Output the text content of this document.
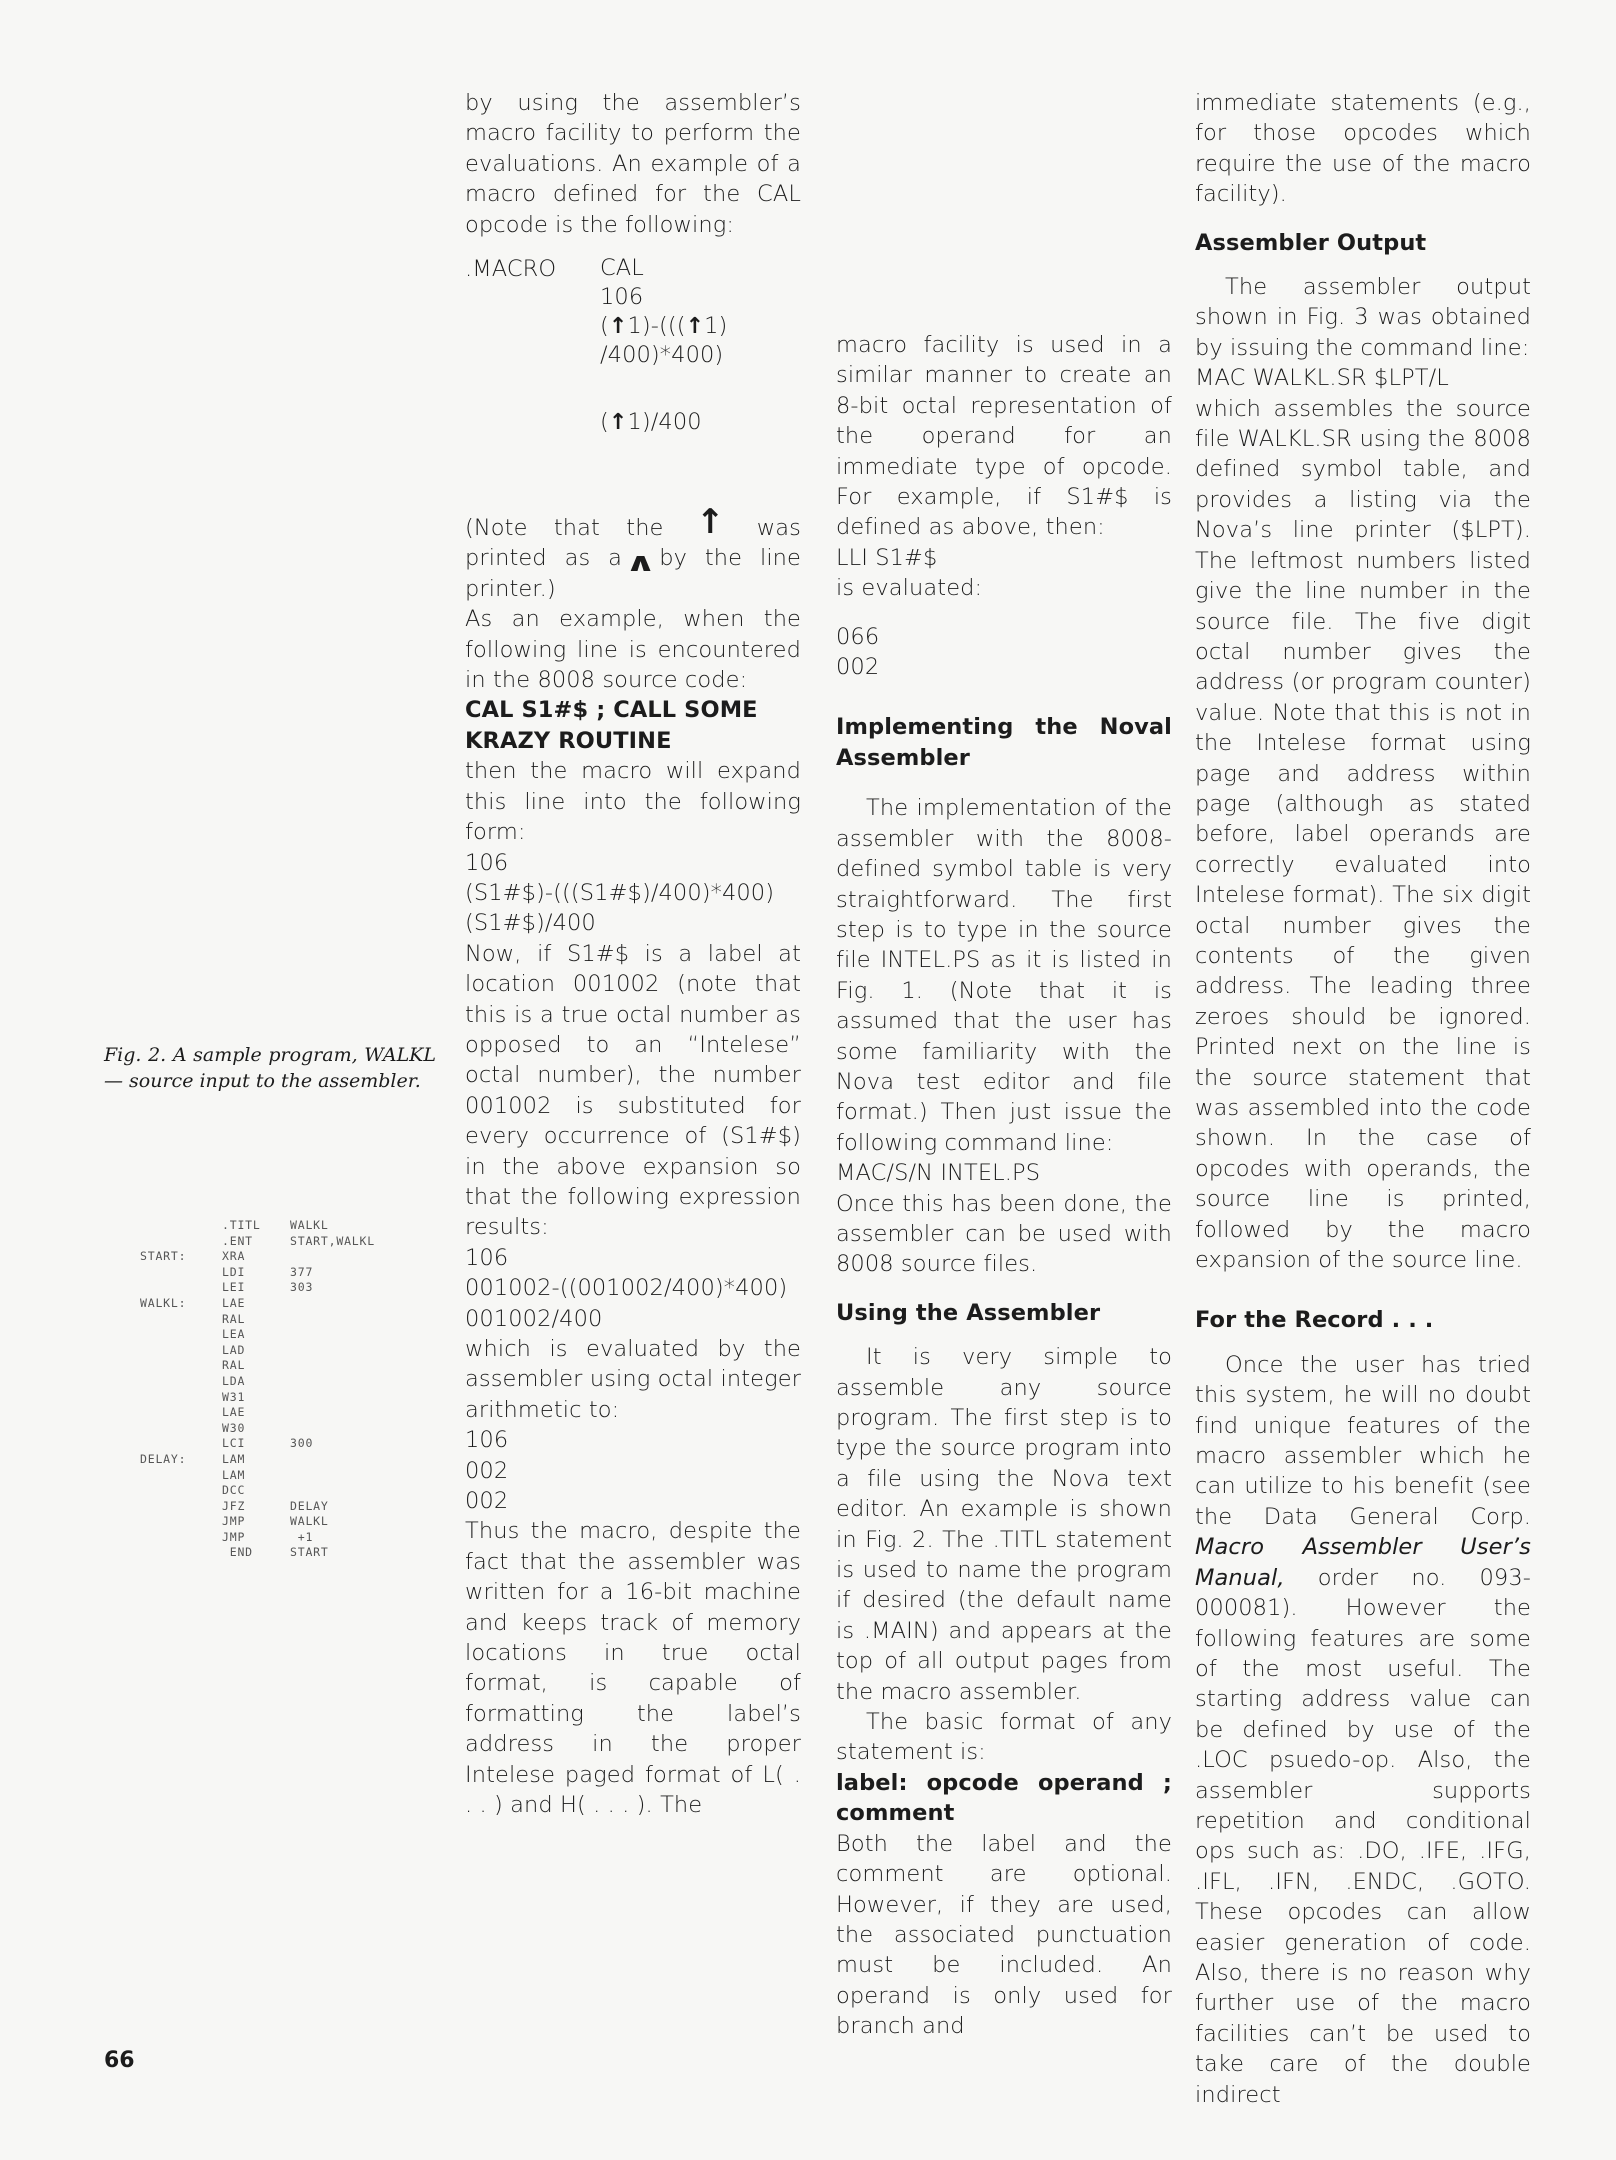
Fig. 2. A sample program, WALKL — source input to the assembler.
.TITL	WALKL
.ENT	START,WALKL
START:	XRA
LDI	377
LEI	303
WALKL:	LAE
RAL
LEA
LAD
RAL
LDA
W31
LAE
W30
LCI	300
DELAY:	LAM
LAM
DCC
JFZ	DELAY
JMP	WALKL
JMP	+1
END	START

by using the assembler’s macro facility to perform the evaluations. An example of a macro defined for the CAL opcode is the following:

.MACRO CAL
106
(↑1)-(((↑1)
/400)*400)
(↑1)/400

(Note that the ↑ was printed as a ∧ by the line printer.)

As an example, when the following line is encountered in the 8008 source code:

CAL S1#$ ; CALL SOME KRAZY ROUTINE

then the macro will expand this line into the following form:

106

(S1#$)-(((S1#$)/400)*400)

(S1#$)/400

Now, if S1#$ is a label at location 001002 (note that this is a true octal number as opposed to an “Intelese” octal number), the number 001002 is substituted for every occurrence of (S1#$) in the above expansion so that the following expression results:

106

001002-((001002/400)*400)

001002/400

which is evaluated by the assembler using octal integer arithmetic to:

106

002

002

Thus the macro, despite the fact that the assembler was written for a 16-bit machine and keeps track of memory locations in true octal format, is capable of formatting the label’s address in the proper Intelese paged format of L( . . . ) and H( . . . ). The

macro facility is used in a similar manner to create an 8-bit octal representation of the operand for an immediate type of opcode. For example, if S1#$ is defined as above, then:

LLI S1#$

is evaluated:

066

002

Implementing the Noval Assembler

The implementation of the assembler with the 8008-defined symbol table is very straightforward. The first step is to type in the source file INTEL.PS as it is listed in Fig. 1. (Note that it is assumed that the user has some familiarity with the Nova test editor and file format.) Then just issue the following command line:

MAC/S/N INTEL.PS

Once this has been done, the assembler can be used with 8008 source files.

Using the Assembler

It is very simple to assemble any source program. The first step is to type the source program into a file using the Nova text editor. An example is shown in Fig. 2. The .TITL statement is used to name the program if desired (the default name is .MAIN) and appears at the top of all output pages from the macro assembler.

The basic format of any statement is:

label: opcode operand ; comment

Both the label and the comment are optional. However, if they are used, the associated punctuation must be included. An operand is only used for branch and

immediate statements (e.g., for those opcodes which require the use of the macro facility).

Assembler Output

The assembler output shown in Fig. 3 was obtained by issuing the command line:

MAC WALKL.SR $LPT/L

which assembles the source file WALKL.SR using the 8008 defined symbol table, and provides a listing via the Nova’s line printer ($LPT). The leftmost numbers listed give the line number in the source file. The five digit octal number gives the address (or program counter) value. Note that this is not in the Intelese format using page and address within page (although as stated before, label operands are correctly evaluated into Intelese format). The six digit octal number gives the contents of the given address. The leading three zeroes should be ignored. Printed next on the line is the source statement that was assembled into the code shown. In the case of opcodes with operands, the source line is printed, followed by the macro expansion of the source line.

For the Record . . .

Once the user has tried this system, he will no doubt find unique features of the macro assembler which he can utilize to his benefit (see the Data General Corp. Macro Assembler User’s Manual, order no. 093-000081). However the following features are some of the most useful. The starting address value can be defined by use of the .LOC psuedo-op. Also, the assembler supports repetition and conditional ops such as: .DO, .IFE, .IFG, .IFL, .IFN, .ENDC, .GOTO. These opcodes can allow easier generation of code. Also, there is no reason why further use of the macro facilities can’t be used to take care of the double indirect

66
